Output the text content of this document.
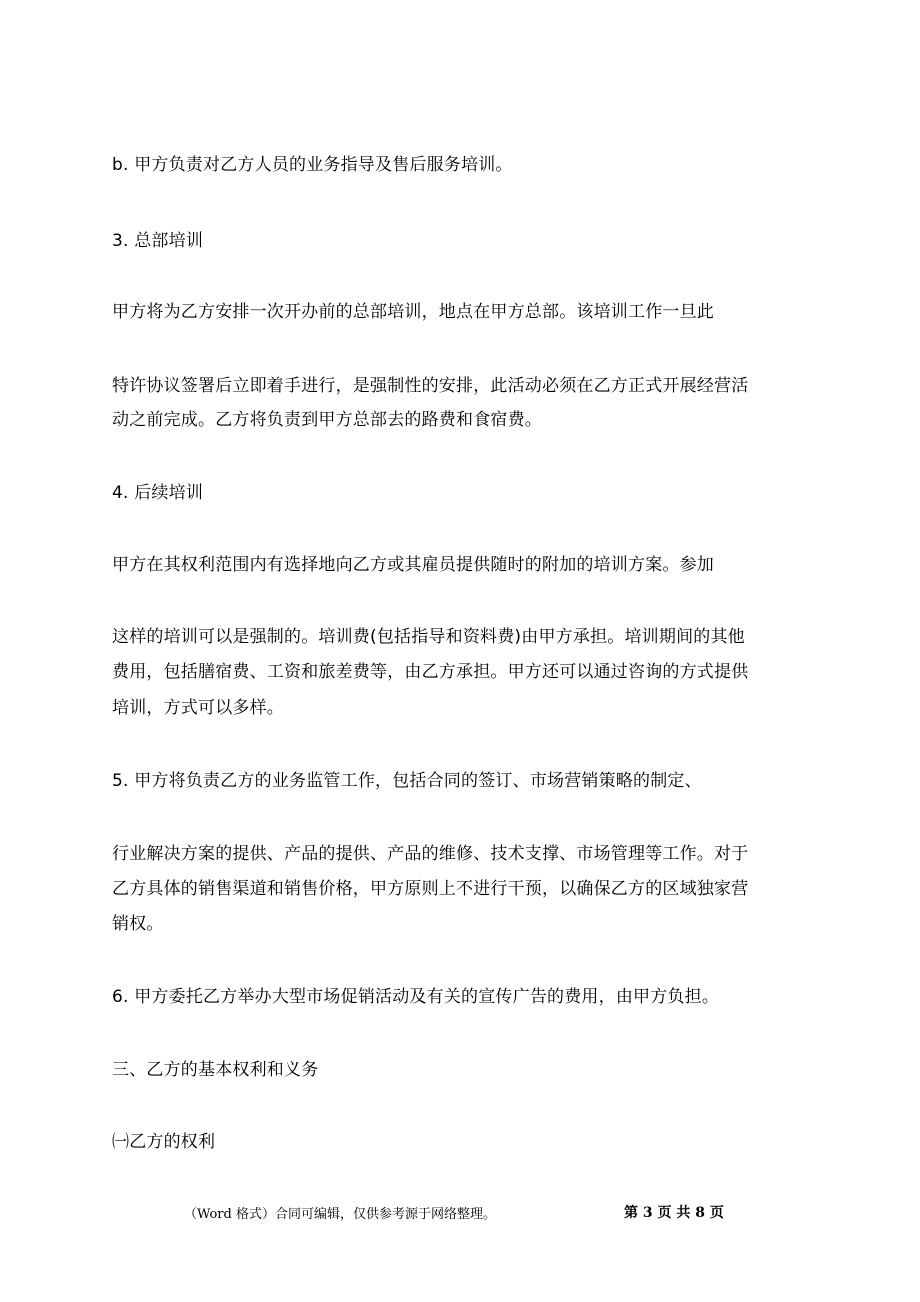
b. 甲方负责对乙方人员的业务指导及售后服务培训。
3. 总部培训
甲方将为乙方安排一次开办前的总部培训，地点在甲方总部。该培训工作一旦此
特许协议签署后立即着手进行，是强制性的安排，此活动必须在乙方正式开展经营活
动之前完成。乙方将负责到甲方总部去的路费和食宿费。
4. 后续培训
甲方在其权利范围内有选择地向乙方或其雇员提供随时的附加的培训方案。参加
这样的培训可以是强制的。培训费(包括指导和资料费)由甲方承担。培训期间的其他
费用，包括膳宿费、工资和旅差费等，由乙方承担。甲方还可以通过咨询的方式提供
培训，方式可以多样。
5. 甲方将负责乙方的业务监管工作，包括合同的签订、市场营销策略的制定、
行业解决方案的提供、产品的提供、产品的维修、技术支撑、市场管理等工作。对于
乙方具体的销售渠道和销售价格，甲方原则上不进行干预，以确保乙方的区域独家营
销权。
6. 甲方委托乙方举办大型市场促销活动及有关的宣传广告的费用，由甲方负担。
三、乙方的基本权利和义务
㈠乙方的权利
（Word 格式）合同可编辑，仅供参考源于网络整理。	第 3 页 共 8 页
